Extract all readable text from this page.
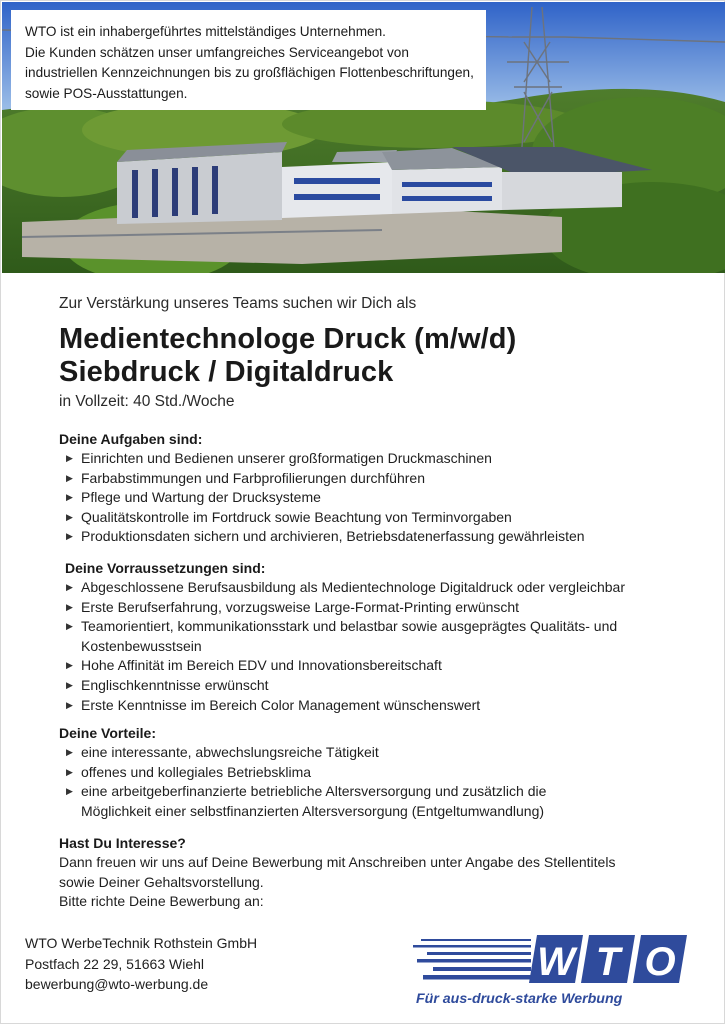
WTO ist ein inhabergeführtes mittelständiges Unternehmen.

Die Kunden schätzen unser umfangreiches Serviceangebot von

industriellen Kennzeichnungen bis zu großflächigen Flottenbeschriftungen,

sowie POS-Ausstattungen.

Zur Verstärkung unseres Teams suchen wir Dich als

Medientechnologe Druck (m/w/d)
Siebdruck / Digitaldruck

in Vollzeit: 40 Std./Woche

Deine Aufgaben sind:
▶ Einrichten und Bedienen unserer großformatigen Druckmaschinen
▶ Farbabstimmungen und Farbprofilierungen durchführen
▶ Pflege und Wartung der Drucksysteme
▶ Qualitätskontrolle im Fortdruck sowie Beachtung von Terminvorgaben
▶ Produktionsdaten sichern und archivieren, Betriebsdatenerfassung gewährleisten
Deine Vorraussetzungen sind:
▶ Abgeschlossene Berufsausbildung als Medientechnologe Digitaldruck oder vergleichbar
▶ Erste Berufserfahrung, vorzugsweise Large-Format-Printing erwünscht
▶ Teamorientiert, kommunikationsstark und belastbar sowie ausgeprägtes Qualitäts- und
Kostenbewusstsein
▶ Hohe Affinität im Bereich EDV und Innovationsbereitschaft
▶ Englischkenntnisse erwünscht
▶ Erste Kenntnisse im Bereich Color Management wünschenswert
Deine Vorteile:
▶ eine interessante, abwechslungsreiche Tätigkeit
▶ offenes und kollegiales Betriebsklima
▶ eine arbeitgeberfinanzierte betriebliche Altersversorgung und zusätzlich die
Möglichkeit einer selbstfinanzierten Altersversorgung (Entgeltumwandlung)
Hast Du Interesse?

Dann freuen wir uns auf Deine Bewerbung mit Anschreiben unter Angabe des Stellentitels

sowie Deiner Gehaltsvorstellung.

Bitte richte Deine Bewerbung an:

WTO WerbeTechnik Rothstein GmbH

Postfach 22 29, 51663 Wiehl

bewerbung@wto-werbung.de	W T O
Für aus-druck-starke Werbung
